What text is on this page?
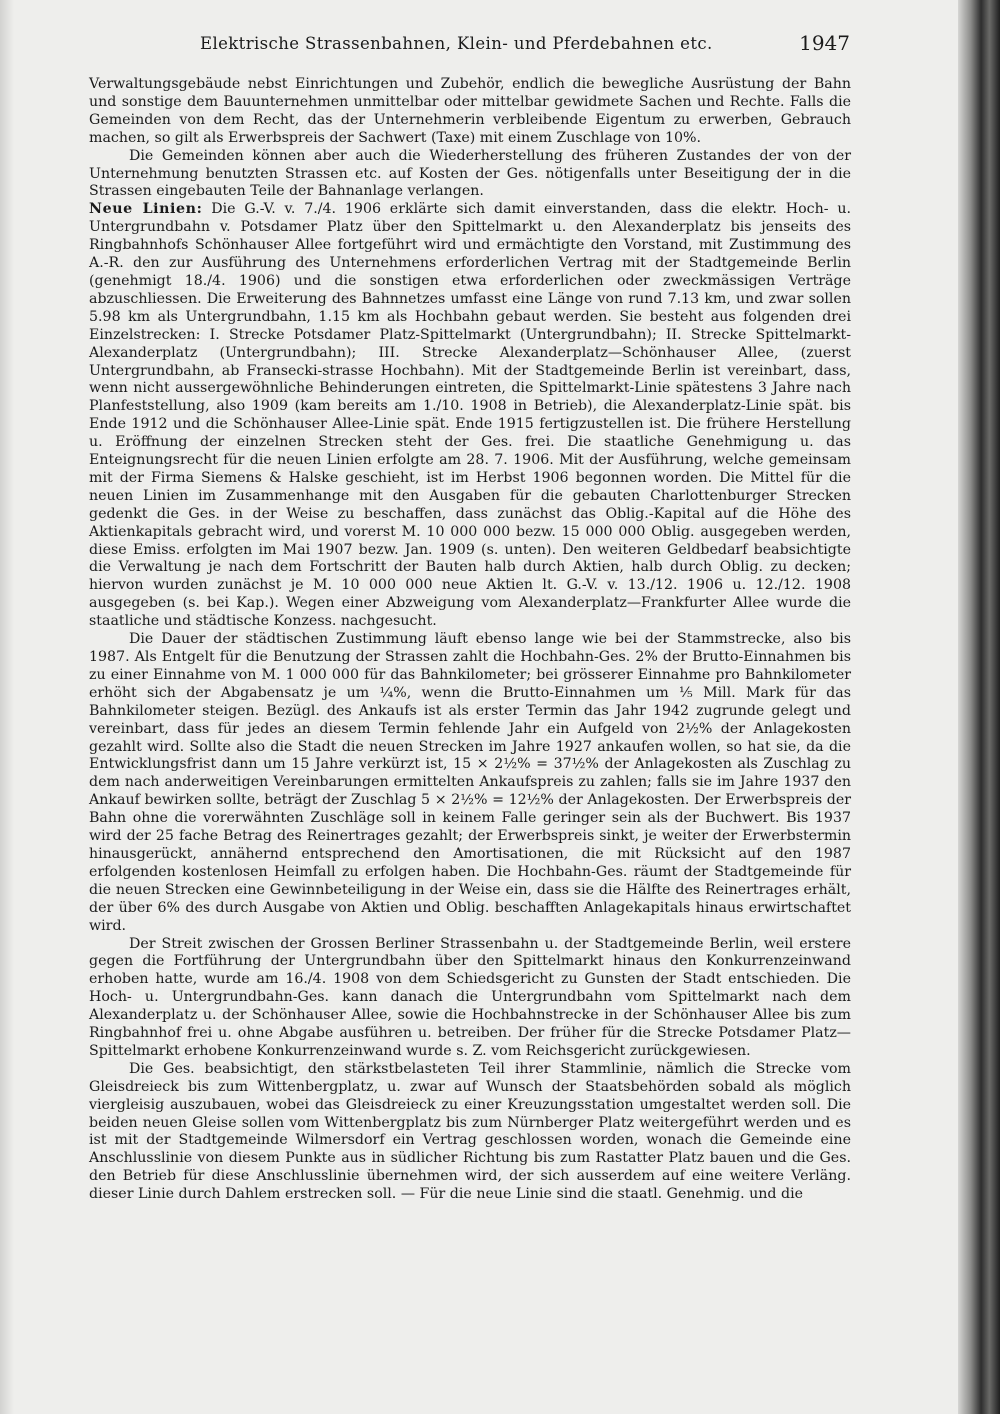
Elektrische Strassenbahnen, Klein- und Pferdebahnen etc.	1947

Verwaltungsgebäude nebst Einrichtungen und Zubehör, endlich die bewegliche Ausrüstung der Bahn und sonstige dem Bauunternehmen unmittelbar oder mittelbar gewidmete Sachen und Rechte. Falls die Gemeinden von dem Recht, das der Unternehmerin verbleibende Eigentum zu erwerben, Gebrauch machen, so gilt als Erwerbspreis der Sachwert (Taxe) mit einem Zuschlage von 10%.

Die Gemeinden können aber auch die Wiederherstellung des früheren Zustandes der von der Unternehmung benutzten Strassen etc. auf Kosten der Ges. nötigenfalls unter Beseitigung der in die Strassen eingebauten Teile der Bahnanlage verlangen.

Neue Linien: Die G.-V. v. 7./4. 1906 erklärte sich damit einverstanden, dass die elektr. Hoch- u. Untergrundbahn v. Potsdamer Platz über den Spittelmarkt u. den Alexanderplatz bis jenseits des Ringbahnhofs Schönhauser Allee fortgeführt wird und ermächtigte den Vorstand, mit Zustimmung des A.-R. den zur Ausführung des Unternehmens erforderlichen Vertrag mit der Stadtgemeinde Berlin (genehmigt 18./4. 1906) und die sonstigen etwa erforderlichen oder zweckmässigen Verträge abzuschliessen. Die Erweiterung des Bahnnetzes umfasst eine Länge von rund 7.13 km, und zwar sollen 5.98 km als Untergrundbahn, 1.15 km als Hochbahn gebaut werden. Sie besteht aus folgenden drei Einzelstrecken: I. Strecke Potsdamer Platz-Spittelmarkt (Untergrundbahn); II. Strecke Spittelmarkt-Alexanderplatz (Untergrundbahn); III. Strecke Alexanderplatz—Schönhauser Allee, (zuerst Untergrundbahn, ab Fransecki-strasse Hochbahn). Mit der Stadtgemeinde Berlin ist vereinbart, dass, wenn nicht aussergewöhnliche Behinderungen eintreten, die Spittelmarkt-Linie spätestens 3 Jahre nach Planfeststellung, also 1909 (kam bereits am 1./10. 1908 in Betrieb), die Alexanderplatz-Linie spät. bis Ende 1912 und die Schönhauser Allee-Linie spät. Ende 1915 fertigzustellen ist. Die frühere Herstellung u. Eröffnung der einzelnen Strecken steht der Ges. frei. Die staatliche Genehmigung u. das Enteignungsrecht für die neuen Linien erfolgte am 28. 7. 1906. Mit der Ausführung, welche gemeinsam mit der Firma Siemens & Halske geschieht, ist im Herbst 1906 begonnen worden. Die Mittel für die neuen Linien im Zusammenhange mit den Ausgaben für die gebauten Charlottenburger Strecken gedenkt die Ges. in der Weise zu beschaffen, dass zunächst das Oblig.-Kapital auf die Höhe des Aktienkapitals gebracht wird, und vorerst M. 10 000 000 bezw. 15 000 000 Oblig. ausgegeben werden, diese Emiss. erfolgten im Mai 1907 bezw. Jan. 1909 (s. unten). Den weiteren Geldbedarf beabsichtigte die Verwaltung je nach dem Fortschritt der Bauten halb durch Aktien, halb durch Oblig. zu decken; hiervon wurden zunächst je M. 10 000 000 neue Aktien lt. G.-V. v. 13./12. 1906 u. 12./12. 1908 ausgegeben (s. bei Kap.). Wegen einer Abzweigung vom Alexanderplatz—Frankfurter Allee wurde die staatliche und städtische Konzess. nachgesucht.

Die Dauer der städtischen Zustimmung läuft ebenso lange wie bei der Stammstrecke, also bis 1987. Als Entgelt für die Benutzung der Strassen zahlt die Hochbahn-Ges. 2% der Brutto-Einnahmen bis zu einer Einnahme von M. 1 000 000 für das Bahnkilometer; bei grösserer Einnahme pro Bahnkilometer erhöht sich der Abgabensatz je um ¼%, wenn die Brutto-Einnahmen um ⅕ Mill. Mark für das Bahnkilometer steigen. Bezügl. des Ankaufs ist als erster Termin das Jahr 1942 zugrunde gelegt und vereinbart, dass für jedes an diesem Termin fehlende Jahr ein Aufgeld von 2½% der Anlagekosten gezahlt wird. Sollte also die Stadt die neuen Strecken im Jahre 1927 ankaufen wollen, so hat sie, da die Entwicklungsfrist dann um 15 Jahre verkürzt ist, 15 × 2½% = 37½% der Anlagekosten als Zuschlag zu dem nach anderweitigen Vereinbarungen ermittelten Ankaufspreis zu zahlen; falls sie im Jahre 1937 den Ankauf bewirken sollte, beträgt der Zuschlag 5 × 2½% = 12½% der Anlagekosten. Der Erwerbspreis der Bahn ohne die vorerwähnten Zuschläge soll in keinem Falle geringer sein als der Buchwert. Bis 1937 wird der 25 fache Betrag des Reinertrages gezahlt; der Erwerbspreis sinkt, je weiter der Erwerbstermin hinausgerückt, annähernd entsprechend den Amortisationen, die mit Rücksicht auf den 1987 erfolgenden kostenlosen Heimfall zu erfolgen haben. Die Hochbahn-Ges. räumt der Stadtgemeinde für die neuen Strecken eine Gewinnbeteiligung in der Weise ein, dass sie die Hälfte des Reinertrages erhält, der über 6% des durch Ausgabe von Aktien und Oblig. beschafften Anlagekapitals hinaus erwirtschaftet wird.

Der Streit zwischen der Grossen Berliner Strassenbahn u. der Stadtgemeinde Berlin, weil erstere gegen die Fortführung der Untergrundbahn über den Spittelmarkt hinaus den Konkurrenzeinwand erhoben hatte, wurde am 16./4. 1908 von dem Schiedsgericht zu Gunsten der Stadt entschieden. Die Hoch- u. Untergrundbahn-Ges. kann danach die Untergrundbahn vom Spittelmarkt nach dem Alexanderplatz u. der Schönhauser Allee, sowie die Hochbahnstrecke in der Schönhauser Allee bis zum Ringbahnhof frei u. ohne Abgabe ausführen u. betreiben. Der früher für die Strecke Potsdamer Platz—Spittelmarkt erhobene Konkurrenzeinwand wurde s. Z. vom Reichsgericht zurückgewiesen.

Die Ges. beabsichtigt, den stärkstbelasteten Teil ihrer Stammlinie, nämlich die Strecke vom Gleisdreieck bis zum Wittenbergplatz, u. zwar auf Wunsch der Staatsbehörden sobald als möglich viergleisig auszubauen, wobei das Gleisdreieck zu einer Kreuzungsstation umgestaltet werden soll. Die beiden neuen Gleise sollen vom Wittenbergplatz bis zum Nürnberger Platz weitergeführt werden und es ist mit der Stadtgemeinde Wilmersdorf ein Vertrag geschlossen worden, wonach die Gemeinde eine Anschlusslinie von diesem Punkte aus in südlicher Richtung bis zum Rastatter Platz bauen und die Ges. den Betrieb für diese Anschlusslinie übernehmen wird, der sich ausserdem auf eine weitere Verläng. dieser Linie durch Dahlem erstrecken soll. — Für die neue Linie sind die staatl. Genehmig. und die
